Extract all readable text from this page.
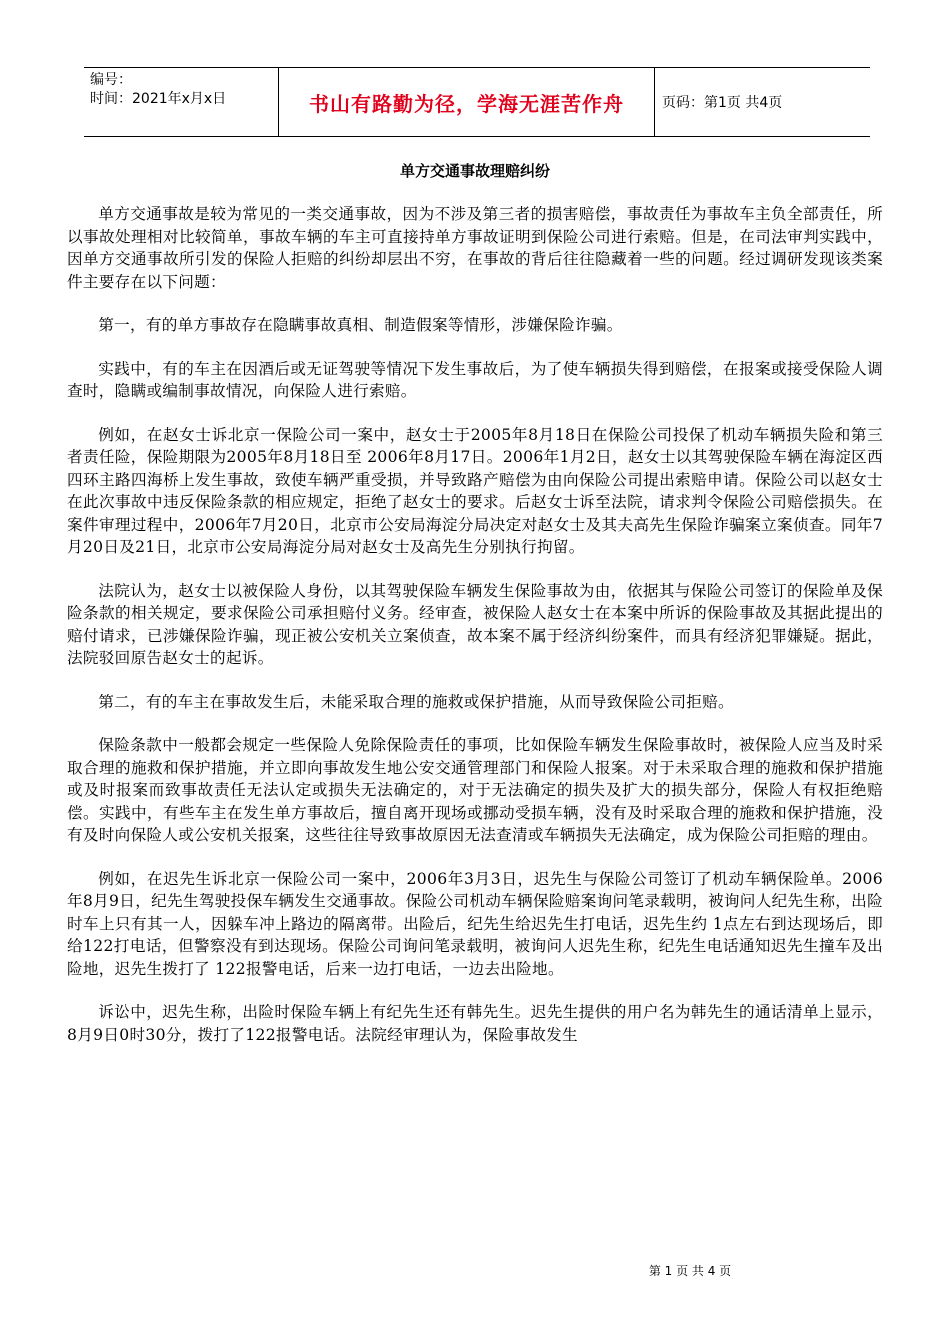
编号：
时间：2021年x月x日	书山有路勤为径，学海无涯苦作舟	页码：第1页 共4页
单方交通事故理赔纠纷

单方交通事故是较为常见的一类交通事故，因为不涉及第三者的损害赔偿，事故责任为事故车主负全部责任，所以事故处理相对比较简单，事故车辆的车主可直接持单方事故证明到保险公司进行索赔。但是，在司法审判实践中，因单方交通事故所引发的保险人拒赔的纠纷却层出不穷，在事故的背后往往隐藏着一些的问题。经过调研发现该类案件主要存在以下问题：

第一，有的单方事故存在隐瞒事故真相、制造假案等情形，涉嫌保险诈骗。

实践中，有的车主在因酒后或无证驾驶等情况下发生事故后，为了使车辆损失得到赔偿，在报案或接受保险人调查时，隐瞒或编制事故情况，向保险人进行索赔。

例如，在赵女士诉北京一保险公司一案中，赵女士于2005年8月18日在保险公司投保了机动车辆损失险和第三者责任险，保险期限为2005年8月18日至 2006年8月17日。2006年1月2日，赵女士以其驾驶保险车辆在海淀区西四环主路四海桥上发生事故，致使车辆严重受损，并导致路产赔偿为由向保险公司提出索赔申请。保险公司以赵女士在此次事故中违反保险条款的相应规定，拒绝了赵女士的要求。后赵女士诉至法院，请求判令保险公司赔偿损失。在案件审理过程中，2006年7月20日，北京市公安局海淀分局决定对赵女士及其夫高先生保险诈骗案立案侦查。同年7月20日及21日，北京市公安局海淀分局对赵女士及高先生分别执行拘留。

法院认为，赵女士以被保险人身份，以其驾驶保险车辆发生保险事故为由，依据其与保险公司签订的保险单及保险条款的相关规定，要求保险公司承担赔付义务。经审查，被保险人赵女士在本案中所诉的保险事故及其据此提出的赔付请求，已涉嫌保险诈骗，现正被公安机关立案侦查，故本案不属于经济纠纷案件，而具有经济犯罪嫌疑。据此，法院驳回原告赵女士的起诉。

第二，有的车主在事故发生后，未能采取合理的施救或保护措施，从而导致保险公司拒赔。

保险条款中一般都会规定一些保险人免除保险责任的事项，比如保险车辆发生保险事故时，被保险人应当及时采取合理的施救和保护措施，并立即向事故发生地公安交通管理部门和保险人报案。对于未采取合理的施救和保护措施或及时报案而致事故责任无法认定或损失无法确定的，对于无法确定的损失及扩大的损失部分，保险人有权拒绝赔偿。实践中，有些车主在发生单方事故后，擅自离开现场或挪动受损车辆，没有及时采取合理的施救和保护措施，没有及时向保险人或公安机关报案，这些往往导致事故原因无法查清或车辆损失无法确定，成为保险公司拒赔的理由。

例如，在迟先生诉北京一保险公司一案中，2006年3月3日，迟先生与保险公司签订了机动车辆保险单。2006年8月9日，纪先生驾驶投保车辆发生交通事故。保险公司机动车辆保险赔案询问笔录载明，被询问人纪先生称，出险时车上只有其一人，因躲车冲上路边的隔离带。出险后，纪先生给迟先生打电话，迟先生约 1点左右到达现场后，即给122打电话，但警察没有到达现场。保险公司询问笔录载明，被询问人迟先生称，纪先生电话通知迟先生撞车及出险地，迟先生拨打了 122报警电话，后来一边打电话，一边去出险地。

诉讼中，迟先生称，出险时保险车辆上有纪先生还有韩先生。迟先生提供的用户名为韩先生的通话清单上显示，8月9日0时30分，拨打了122报警电话。法院经审理认为，保险事故发生

第 1 页 共 4 页
